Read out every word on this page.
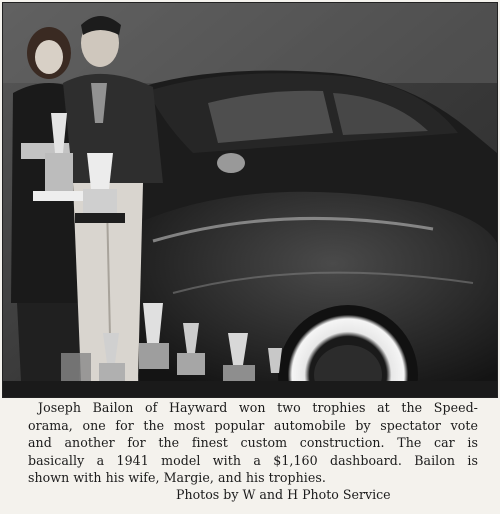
Joseph Bailon of Hayward won two trophies at the Speed-
orama, one for the most popular automobile by spectator vote
and another for the finest custom construction. The car is
basically a 1941 model with a $1,160 dashboard. Bailon is
shown with his wife, Margie, and his trophies.
Photos by W and H Photo Service
